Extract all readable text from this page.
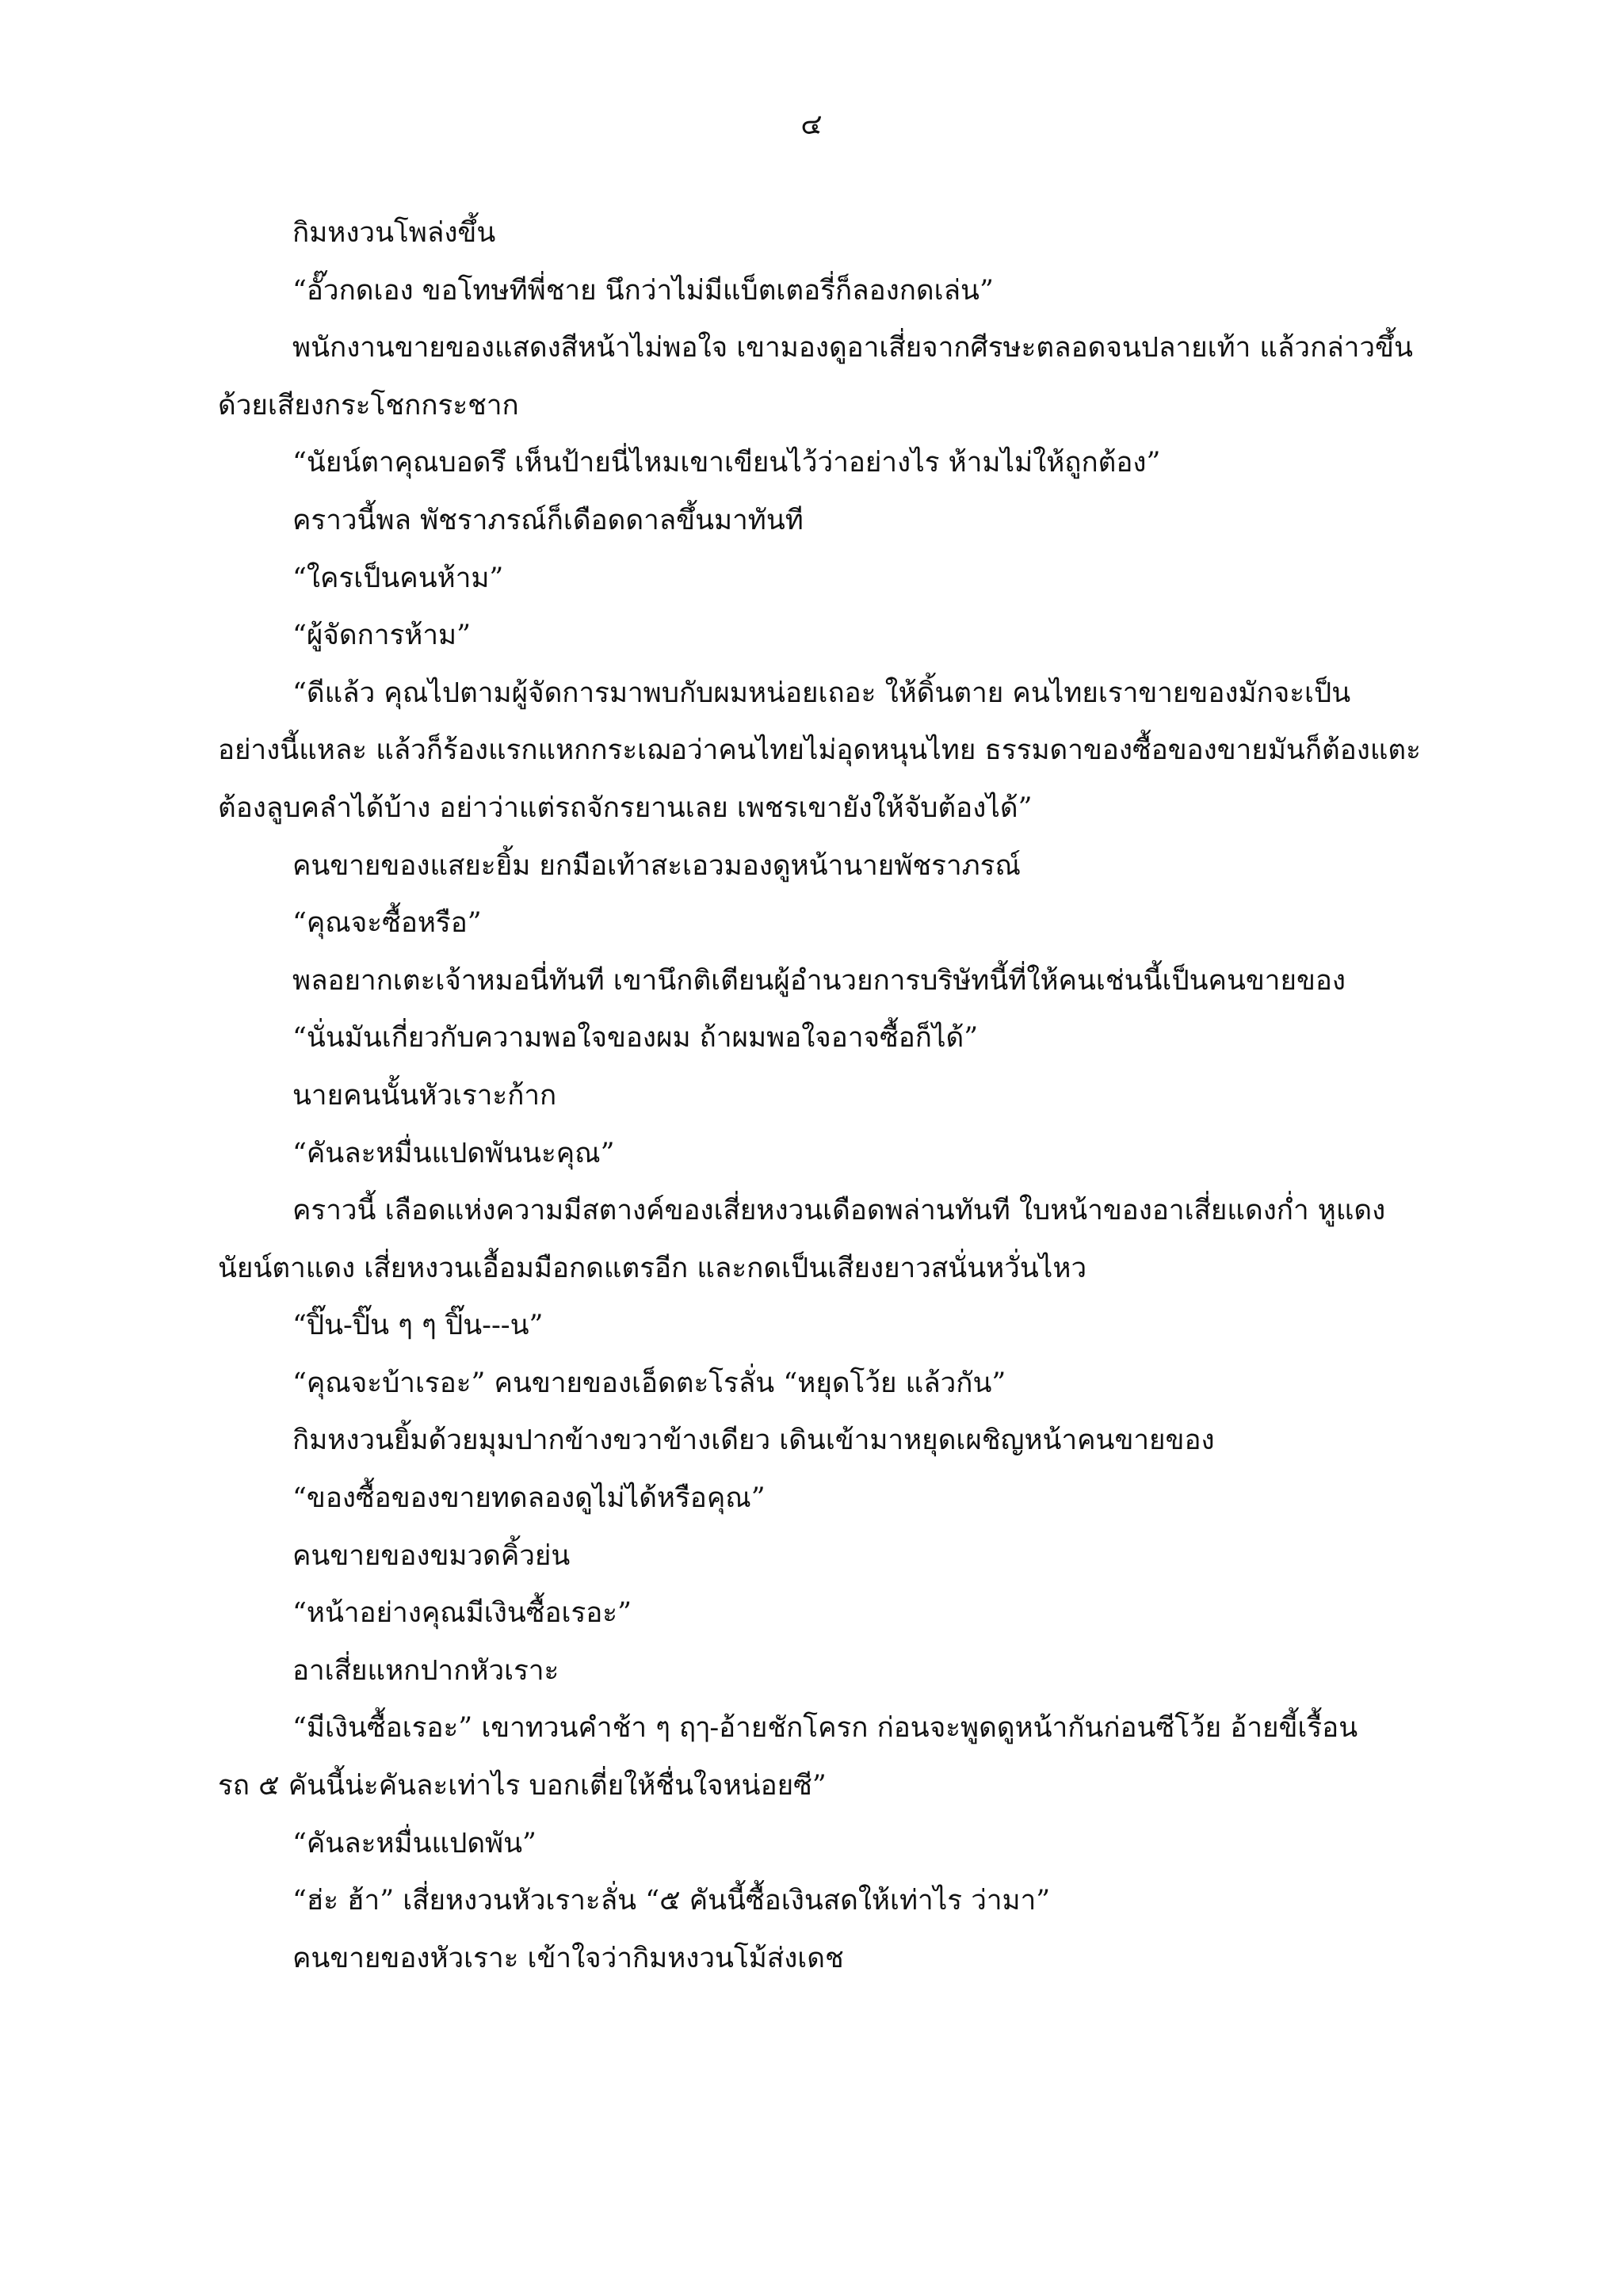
๔

กิมหงวนโพล่งขึ้น

“อั๊วกดเอง ขอโทษทีพี่ชาย นึกว่าไม่มีแบ็ตเตอรี่ก็ลองกดเล่น”

พนักงานขายของแสดงสีหน้าไม่พอใจ เขามองดูอาเสี่ยจากศีรษะตลอดจนปลายเท้า แล้วกล่าวขึ้น

ด้วยเสียงกระโชกกระชาก

“นัยน์ตาคุณบอดรึ เห็นป้ายนี่ไหมเขาเขียนไว้ว่าอย่างไร ห้ามไม่ให้ถูกต้อง”

คราวนี้พล พัชราภรณ์ก็เดือดดาลขึ้นมาทันที

“ใครเป็นคนห้าม”

“ผู้จัดการห้าม”

“ดีแล้ว คุณไปตามผู้จัดการมาพบกับผมหน่อยเถอะ ให้ดิ้นตาย คนไทยเราขายของมักจะเป็น

อย่างนี้แหละ แล้วก็ร้องแรกแหกกระเฌอว่าคนไทยไม่อุดหนุนไทย ธรรมดาของซื้อของขายมันก็ต้องแตะ

ต้องลูบคลำได้บ้าง อย่าว่าแต่รถจักรยานเลย เพชรเขายังให้จับต้องได้”

คนขายของแสยะยิ้ม ยกมือเท้าสะเอวมองดูหน้านายพัชราภรณ์

“คุณจะซื้อหรือ”

พลอยากเตะเจ้าหมอนี่ทันที เขานึกติเตียนผู้อำนวยการบริษัทนี้ที่ให้คนเช่นนี้เป็นคนขายของ

“นั่นมันเกี่ยวกับความพอใจของผม ถ้าผมพอใจอาจซื้อก็ได้”

นายคนนั้นหัวเราะก้าก

“คันละหมื่นแปดพันนะคุณ”

คราวนี้ เลือดแห่งความมีสตางค์ของเสี่ยหงวนเดือดพล่านทันที ใบหน้าของอาเสี่ยแดงก่ำ หูแดง

นัยน์ตาแดง เสี่ยหงวนเอื้อมมือกดแตรอีก และกดเป็นเสียงยาวสนั่นหวั่นไหว

“ปิ๊น-ปิ๊น ๆ ๆ ปิ๊น---น”

“คุณจะบ้าเรอะ” คนขายของเอ็ดตะโรลั่น “หยุดโว้ย แล้วกัน”

กิมหงวนยิ้มด้วยมุมปากข้างขวาข้างเดียว เดินเข้ามาหยุดเผชิญหน้าคนขายของ

“ของซื้อของขายทดลองดูไม่ได้หรือคุณ”

คนขายของขมวดคิ้วย่น

“หน้าอย่างคุณมีเงินซื้อเรอะ”

อาเสี่ยแหกปากหัวเราะ

“มีเงินซื้อเรอะ” เขาทวนคำช้า ๆ ฤๅ-อ้ายชักโครก ก่อนจะพูดดูหน้ากันก่อนซีโว้ย อ้ายขี้เรื้อน

รถ ๕ คันนี้น่ะคันละเท่าไร บอกเตี่ยให้ชื่นใจหน่อยซี”

“คันละหมื่นแปดพัน”

“ฮ่ะ ฮ้า” เสี่ยหงวนหัวเราะลั่น “๕ คันนี้ซื้อเงินสดให้เท่าไร ว่ามา”

คนขายของหัวเราะ เข้าใจว่ากิมหงวนโม้ส่งเดช
